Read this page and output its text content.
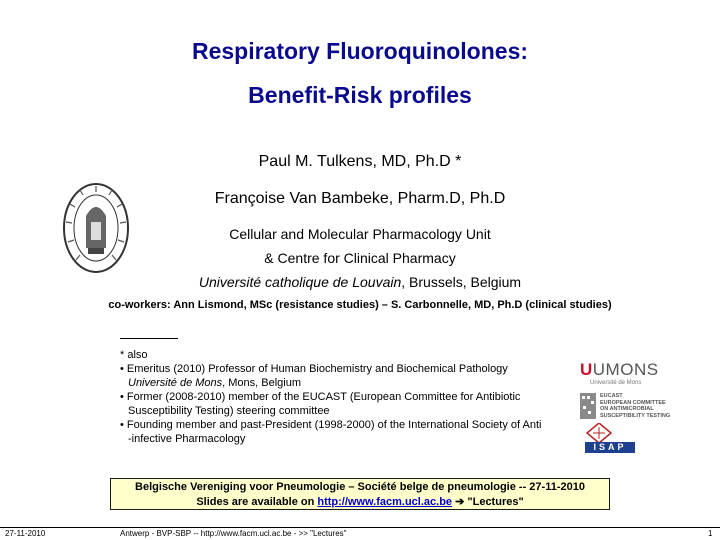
Respiratory Fluoroquinolones:
Benefit-Risk profiles
Paul M. Tulkens, MD, Ph.D *
Françoise Van Bambeke, Pharm.D, Ph.D
Cellular and Molecular Pharmacology Unit
& Centre for Clinical Pharmacy
Université catholique de Louvain, Brussels, Belgium
co-workers: Ann Lismond, MSc (resistance studies) – S. Carbonnelle, MD, Ph.D (clinical studies)
* also
• Emeritus (2010) Professor of Human Biochemistry and Biochemical Pathology
Université de Mons, Mons, Belgium
• Former (2008-2010) member of the EUCAST (European Committee for Antibiotic
Susceptibility Testing) steering committee
• Founding member and past-President (1998-2000) of the International Society of Anti
-infective Pharmacology
UUMONS
Université de Mons
EUCAST
EUROPEAN COMMITTEE
ON ANTIMICROBIAL
SUSCEPTIBILITY TESTING
ISAP
Belgische Vereniging voor Pneumologie – Société belge de pneumologie -- 27-11-2010
Slides are available on http://www.facm.ucl.ac.be ➔ "Lectures"
27-11-2010	Antwerp - BVP-SBP -- http://www.facm.ucl.ac.be - >> "Lectures"	1
